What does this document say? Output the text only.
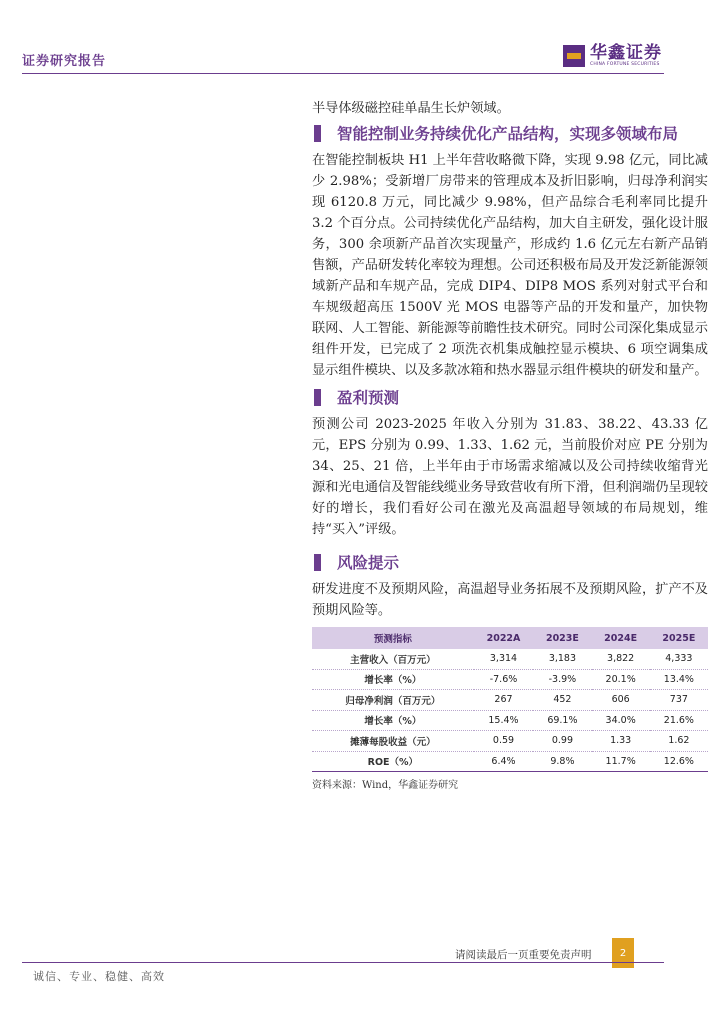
证券研究报告	华鑫证券
CHINA FORTUNE SECURITIES

半导体级磁控硅单晶生长炉领域。

智能控制业务持续优化产品结构，实现多领域布局

在智能控制板块 H1 上半年营收略微下降，实现 9.98 亿元，同比减少 2.98%；受新增厂房带来的管理成本及折旧影响，归母净利润实现 6120.8 万元，同比减少 9.98%，但产品综合毛利率同比提升 3.2 个百分点。公司持续优化产品结构，加大自主研发，强化设计服务，300 余项新产品首次实现量产，形成约 1.6 亿元左右新产品销售额，产品研发转化率较为理想。公司还积极布局及开发泛新能源领域新产品和车规产品，完成 DIP4、DIP8 MOS 系列对射式平台和车规级超高压 1500V 光 MOS 电器等产品的开发和量产，加快物联网、人工智能、新能源等前瞻性技术研究。同时公司深化集成显示组件开发，已完成了 2 项洗衣机集成触控显示模块、6 项空调集成显示组件模块、以及多款冰箱和热水器显示组件模块的研发和量产。

盈利预测

预测公司 2023-2025 年收入分别为 31.83、38.22、43.33 亿元，EPS 分别为 0.99、1.33、1.62 元，当前股价对应 PE 分别为 34、25、21 倍，上半年由于市场需求缩减以及公司持续收缩背光源和光电通信及智能线缆业务导致营收有所下滑，但利润端仍呈现较好的增长，我们看好公司在激光及高温超导领域的布局规划，维持“买入”评级。

风险提示

研发进度不及预期风险，高温超导业务拓展不及预期风险，扩产不及预期风险等。

预测指标	2022A	2023E	2024E	2025E
主营收入（百万元）	3,314	3,183	3,822	4,333
增长率（%）	-7.6%	-3.9%	20.1%	13.4%
归母净利润（百万元）	267	452	606	737
增长率（%）	15.4%	69.1%	34.0%	21.6%
摊薄每股收益（元）	0.59	0.99	1.33	1.62
ROE（%）	6.4%	9.8%	11.7%	12.6%
资料来源：Wind，华鑫证券研究
请阅读最后一页重要免责声明	2
诚信、专业、稳健、高效
